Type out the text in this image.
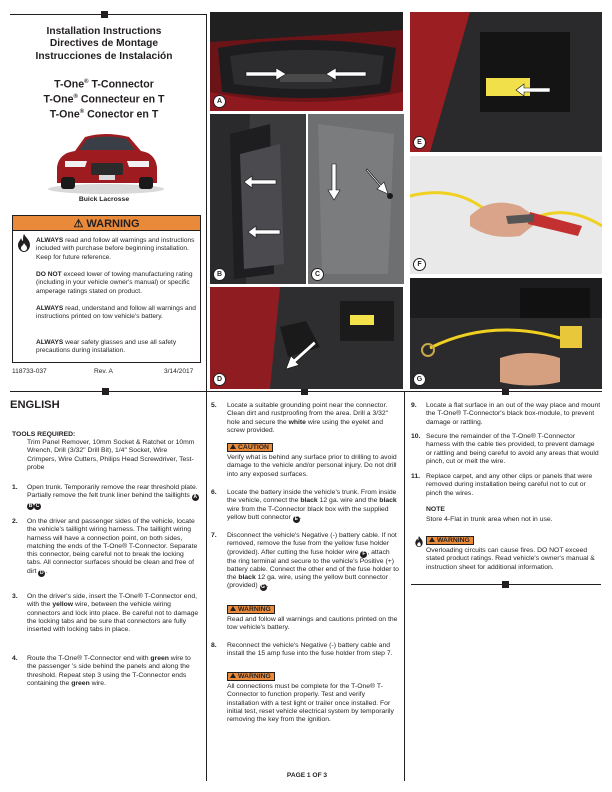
Installation Instructions
Directives de Montage
Instrucciones de Instalación
T-One® T-Connector
T-One® Connecteur en T
T-One® Conector en T
Buick Lacrosse
⚠ WARNING
ALWAYS read and follow all warnings and instructions included with purchase before beginning installation. Keep for future reference.
DO NOT exceed lower of towing manufacturing rating (including in your vehicle owner's manual) or specific amperage ratings stated on product.
ALWAYS read, understand and follow all warnings and instructions printed on tow vehicle's battery.
ALWAYS wear safety glasses and use all safety precautions during installation.
118733-037	Rev. A	3/14/2017
A
B	C
D
E
F
G
ENGLISH
TOOLS REQUIRED:
Trim Panel Remover, 10mm Socket & Ratchet or 10mm Wrench, Drill (3/32" Drill Bit), 1/4" Socket, Wire Crimpers, Wire Cutters, Philips Head Screwdriver, Test-probe
1. Open trunk. Temporarily remove the rear threshold plate. Partially remove the felt trunk liner behind the taillights AB C
2. On the driver and passenger sides of the vehicle, locate the vehicle's taillight wiring harness. The taillight wiring harness will have a connection point, on both sides, matching the ends of the T-One® T-Connector. Separate this connector, being careful not to break the locking tabs. All connector surfaces should be clean and free of dirt D .
3. On the driver's side, insert the T-One® T-Connector end, with the yellow wire, between the vehicle wiring connectors and lock into place. Be careful not to damage the locking tabs and be sure that connectors are fully inserted with locking tabs in place.
4. Route the T-One® T-Connector end with green wire to the passenger 's side behind the panels and along the threshold. Repeat step 3 using the T-Connector ends containing the green wire.
5. Locate a suitable grounding point near the connector. Clean dirt and rustproofing from the area. Drill a 3/32" hole and secure the white wire using the eyelet and screw provided.
CAUTION
Verify what is behind any surface prior to drilling to avoid damage to the vehicle and/or personal injury. Do not drill into any exposed surfaces.
6. Locate the battery inside the vehicle's trunk. From inside the vehicle, connect the black 12 ga. wire and the black wire from the T-Connector black box with the supplied yellow butt connector E .
7. Disconnect the vehicle's Negative (-) battery cable. If not removed, remove the fuse from the yellow fuse holder (provided). After cutting the fuse holder wire F , attach the ring terminal and secure to the vehicle's Positive (+) battery cable. Connect the other end of the fuse holder to the black 12 ga. wire, using the yellow butt connector (provided) G .
WARNING
Read and follow all warnings and cautions printed on the tow vehicle's battery.
8. Reconnect the vehicle's Negative (-) battery cable and install the 15 amp fuse into the fuse holder from step 7.
WARNING
All connections must be complete for the T-One® T-Connector to function properly. Test and verify installation with a test light or trailer once installed. For initial test, reset vehicle electrical system by temporarily removing the key from the ignition.
9. Locate a flat surface in an out of the way place and mount the T-One® T-Connector's black box-module, to prevent damage or rattling.
10. Secure the remainder of the T-One® T-Connector harness with the cable ties provided, to prevent damage or rattling and being careful to avoid any areas that would pinch, cut or melt the wire.
11. Replace carpet, and any other clips or panels that were removed during installation being careful not to cut or pinch the wires.
NOTE
Store 4-Flat in trunk area when not in use.
WARNING
Overloading circuits can cause fires. DO NOT exceed stated product ratings. Read vehicle's owner's manual & instruction sheet for additional information.
PAGE 1 OF 3
